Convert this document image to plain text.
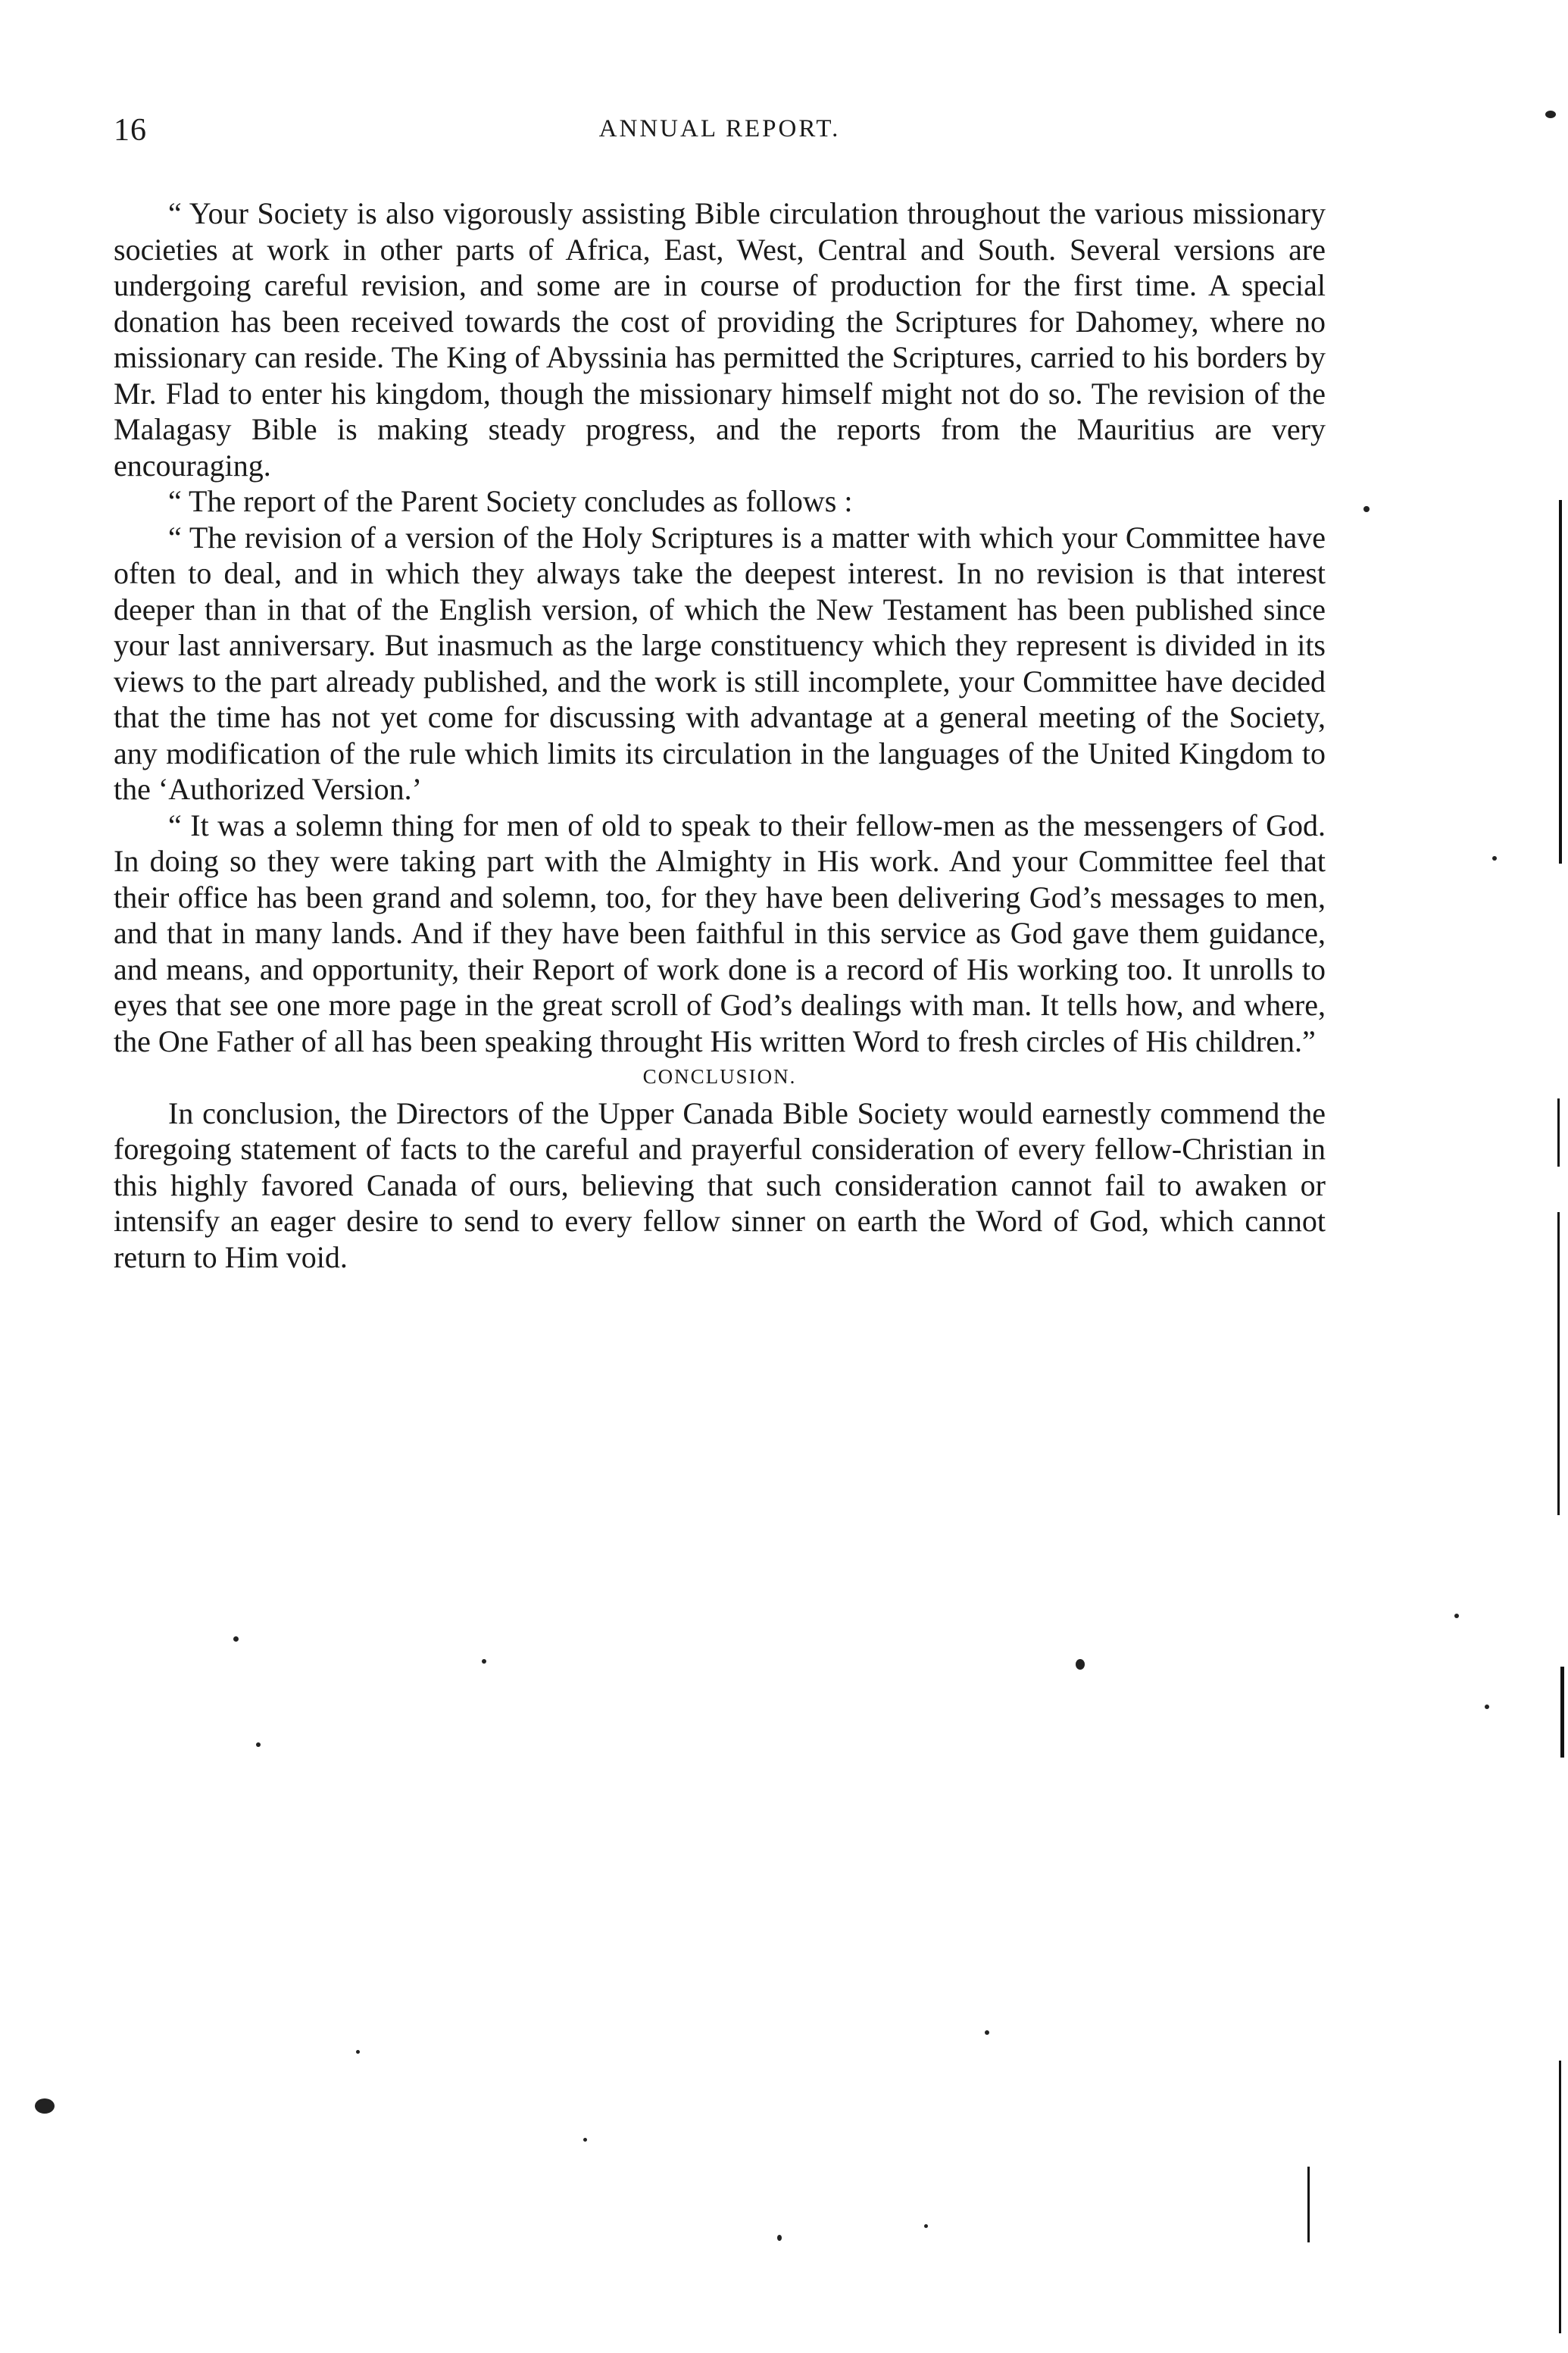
16	ANNUAL REPORT.

“ Your Society is also vigorously assisting Bible circulation throughout the various missionary societies at work in other parts of Africa, East, West, Central and South. Several versions are undergoing careful revision, and some are in course of production for the first time. A special donation has been received towards the cost of providing the Scriptures for Dahomey, where no missionary can reside. The King of Abyssinia has permitted the Scriptures, carried to his borders by Mr. Flad to enter his kingdom, though the missionary himself might not do so. The revision of the Malagasy Bible is making steady progress, and the reports from the Mauritius are very encouraging.

“ The report of the Parent Society concludes as follows :

“ The revision of a version of the Holy Scriptures is a matter with which your Committee have often to deal, and in which they always take the deepest interest. In no revision is that interest deeper than in that of the English version, of which the New Testament has been published since your last anniversary. But inasmuch as the large constituency which they represent is divided in its views to the part already published, and the work is still incomplete, your Committee have decided that the time has not yet come for discussing with advantage at a general meeting of the Society, any modification of the rule which limits its circulation in the languages of the United Kingdom to the ‘Authorized Version.’

“ It was a solemn thing for men of old to speak to their fellow-men as the messengers of God. In doing so they were taking part with the Almighty in His work. And your Committee feel that their office has been grand and solemn, too, for they have been delivering God’s messages to men, and that in many lands. And if they have been faithful in this service as God gave them guidance, and means, and opportunity, their Report of work done is a record of His working too. It unrolls to eyes that see one more page in the great scroll of God’s dealings with man. It tells how, and where, the One Father of all has been speaking throught His written Word to fresh circles of His children.”

CONCLUSION.

In conclusion, the Directors of the Upper Canada Bible Society would earnestly commend the foregoing statement of facts to the careful and prayerful consideration of every fellow-Christian in this highly favored Canada of ours, believing that such consideration cannot fail to awaken or intensify an eager desire to send to every fellow sinner on earth the Word of God, which cannot return to Him void.
